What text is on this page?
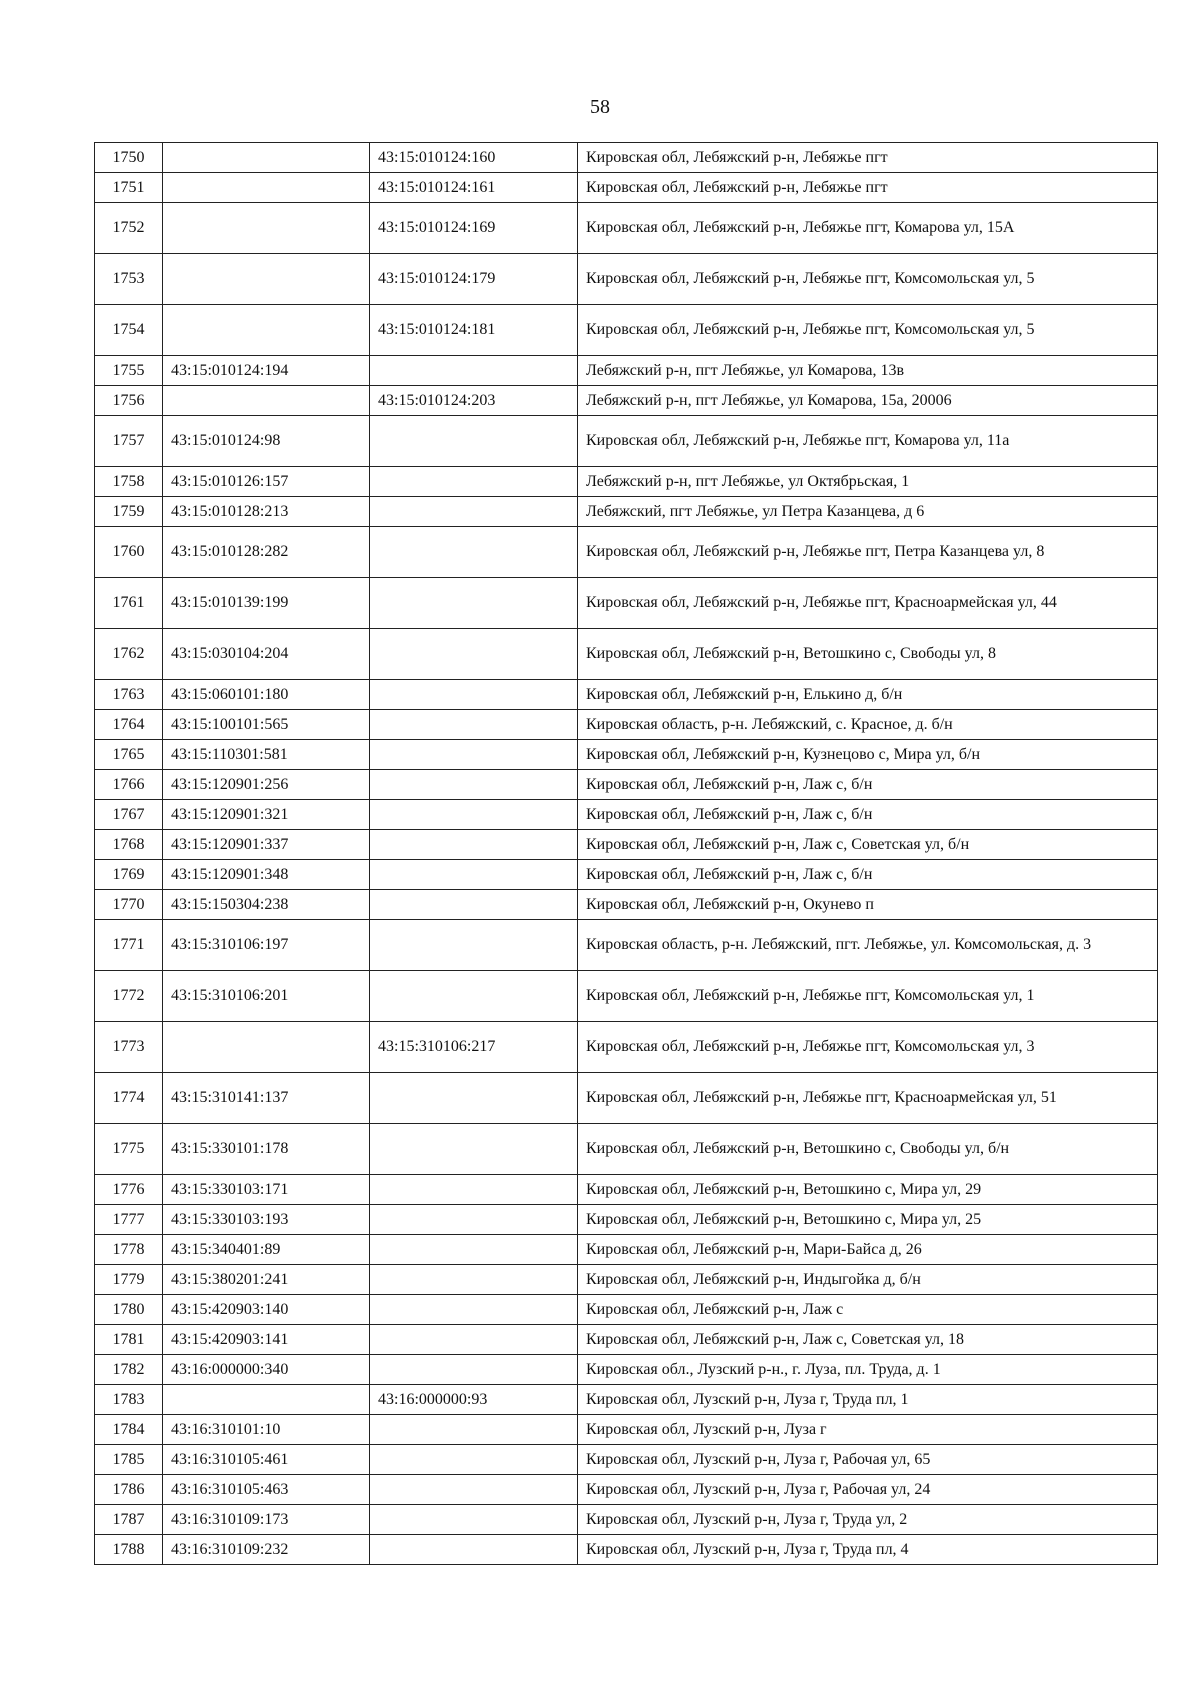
58
1750		43:15:010124:160	Кировская обл, Лебяжский р-н, Лебяжье пгт
1751		43:15:010124:161	Кировская обл, Лебяжский р-н, Лебяжье пгт
1752		43:15:010124:169	Кировская обл, Лебяжский р-н, Лебяжье пгт, Комарова ул, 15А
1753		43:15:010124:179	Кировская обл, Лебяжский р-н, Лебяжье пгт, Комсомольская ул, 5
1754		43:15:010124:181	Кировская обл, Лебяжский р-н, Лебяжье пгт, Комсомольская ул, 5
1755	43:15:010124:194		Лебяжский р-н, пгт Лебяжье, ул Комарова, 13в
1756		43:15:010124:203	Лебяжский р-н, пгт Лебяжье, ул Комарова, 15а, 20006
1757	43:15:010124:98		Кировская обл, Лебяжский р-н, Лебяжье пгт, Комарова ул, 11а
1758	43:15:010126:157		Лебяжский р-н, пгт Лебяжье, ул Октябрьская, 1
1759	43:15:010128:213		Лебяжский, пгт Лебяжье, ул Петра Казанцева, д 6
1760	43:15:010128:282		Кировская обл, Лебяжский р-н, Лебяжье пгт, Петра Казанцева ул, 8
1761	43:15:010139:199		Кировская обл, Лебяжский р-н, Лебяжье пгт, Красноармейская ул, 44
1762	43:15:030104:204		Кировская обл, Лебяжский р-н, Ветошкино с, Свободы ул, 8
1763	43:15:060101:180		Кировская обл, Лебяжский р-н, Елькино д, б/н
1764	43:15:100101:565		Кировская область, р-н. Лебяжский, с. Красное, д. б/н
1765	43:15:110301:581		Кировская обл, Лебяжский р-н, Кузнецово с, Мира ул, б/н
1766	43:15:120901:256		Кировская обл, Лебяжский р-н, Лаж с, б/н
1767	43:15:120901:321		Кировская обл, Лебяжский р-н, Лаж с, б/н
1768	43:15:120901:337		Кировская обл, Лебяжский р-н, Лаж с, Советская ул, б/н
1769	43:15:120901:348		Кировская обл, Лебяжский р-н, Лаж с, б/н
1770	43:15:150304:238		Кировская обл, Лебяжский р-н, Окунево п
1771	43:15:310106:197		Кировская область, р-н. Лебяжский, пгт. Лебяжье, ул. Комсомольская, д. 3
1772	43:15:310106:201		Кировская обл, Лебяжский р-н, Лебяжье пгт, Комсомольская ул, 1
1773		43:15:310106:217	Кировская обл, Лебяжский р-н, Лебяжье пгт, Комсомольская ул, 3
1774	43:15:310141:137		Кировская обл, Лебяжский р-н, Лебяжье пгт, Красноармейская ул, 51
1775	43:15:330101:178		Кировская обл, Лебяжский р-н, Ветошкино с, Свободы ул, б/н
1776	43:15:330103:171		Кировская обл, Лебяжский р-н, Ветошкино с, Мира ул, 29
1777	43:15:330103:193		Кировская обл, Лебяжский р-н, Ветошкино с, Мира ул, 25
1778	43:15:340401:89		Кировская обл, Лебяжский р-н, Мари-Байса д, 26
1779	43:15:380201:241		Кировская обл, Лебяжский р-н, Индыгойка д, б/н
1780	43:15:420903:140		Кировская обл, Лебяжский р-н, Лаж с
1781	43:15:420903:141		Кировская обл, Лебяжский р-н, Лаж с, Советская ул, 18
1782	43:16:000000:340		Кировская обл., Лузский р-н., г. Луза, пл. Труда, д. 1
1783		43:16:000000:93	Кировская обл, Лузский р-н, Луза г, Труда пл, 1
1784	43:16:310101:10		Кировская обл, Лузский р-н, Луза г
1785	43:16:310105:461		Кировская обл, Лузский р-н, Луза г, Рабочая ул, 65
1786	43:16:310105:463		Кировская обл, Лузский р-н, Луза г, Рабочая ул, 24
1787	43:16:310109:173		Кировская обл, Лузский р-н, Луза г, Труда ул, 2
1788	43:16:310109:232		Кировская обл, Лузский р-н, Луза г, Труда пл, 4
